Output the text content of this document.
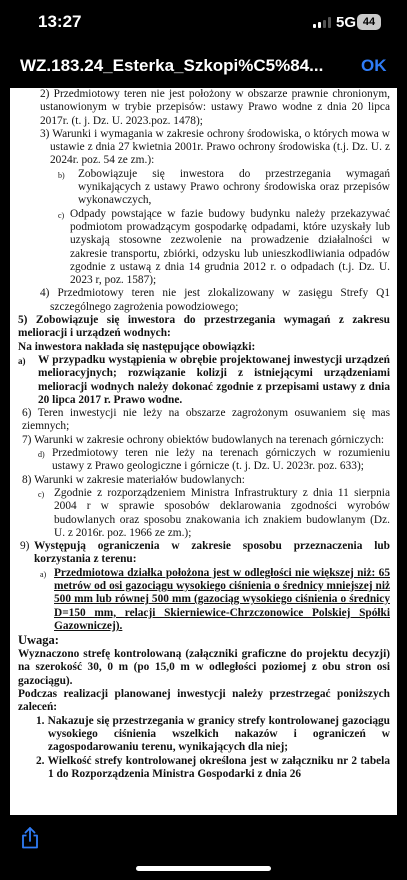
13:27	5G 44
WZ.183.24_Esterka_Szkopi%C5%84...	OK
2) Przedmiotowy teren nie jest położony w obszarze prawnie chronionym, ustanowionym w trybie przepisów: ustawy Prawo wodne z dnia 20 lipca 2017r. (t. j. Dz. U. 2023.poz. 1478);
3) Warunki i wymagania w zakresie ochrony środowiska, o których mowa w ustawie z dnia 27 kwietnia 2001r. Prawo ochrony środowiska (t.j. Dz. U. z 2024r. poz. 54 ze zm.):
b) Zobowiązuje się inwestora do przestrzegania wymagań wynikających z ustawy Prawo ochrony środowiska oraz przepisów wykonawczych,
c) Odpady powstające w fazie budowy budynku należy przekazywać podmiotom prowadzącym gospodarkę odpadami, które uzyskały lub uzyskają stosowne zezwolenie na prowadzenie działalności w zakresie transportu, zbiórki, odzysku lub unieszkodliwiania odpadów zgodnie z ustawą z dnia 14 grudnia 2012 r. o odpadach (t.j. Dz. U. 2023 r, poz. 1587);
4) Przedmiotowy teren nie jest zlokalizowany w zasięgu Strefy Q1 szczególnego zagrożenia powodziowego;
5) Zobowiązuje się inwestora do przestrzegania wymagań z zakresu melioracji i urządzeń wodnych:
Na inwestora nakłada się następujące obowiązki:
a) W przypadku wystąpienia w obrębie projektowanej inwestycji urządzeń melioracyjnych; rozwiązanie kolizji z istniejącymi urządzeniami melioracji wodnych należy dokonać zgodnie z przepisami ustawy z dnia 20 lipca 2017 r. Prawo wodne.
6) Teren inwestycji nie leży na obszarze zagrożonym osuwaniem się mas ziemnych;
7) Warunki w zakresie ochrony obiektów budowlanych na terenach górniczych:
d) Przedmiotowy teren nie leży na terenach górniczych w rozumieniu ustawy z Prawo geologiczne i górnicze (t. j. Dz. U. 2023r. poz. 633);
8) Warunki w zakresie materiałów budowlanych:
c) Zgodnie z rozporządzeniem Ministra Infrastruktury z dnia 11 sierpnia 2004 r w sprawie sposobów deklarowania zgodności wyrobów budowlanych oraz sposobu znakowania ich znakiem budowlanym (Dz. U. z 2016r. poz. 1966 ze zm.);
9) Występują ograniczenia w zakresie sposobu przeznaczenia lub korzystania z terenu:
a) Przedmiotowa działka położona jest w odległości nie większej niż: 65 metrów od osi gazociągu wysokiego ciśnienia o średnicy mniejszej niż 500 mm lub równej 500 mm (gazociąg wysokiego ciśnienia o średnicy D=150 mm, relacji Skierniewice-Chrzczonowice Polskiej Spółki Gazowniczej).
Uwaga:
Wyznaczono strefę kontrolowaną (załączniki graficzne do projektu decyzji) na szerokość 30, 0 m (po 15,0 m w odległości poziomej z obu stron osi gazociągu).
Podczas realizacji planowanej inwestycji należy przestrzegać poniższych zaleceń:
1. Nakazuje się przestrzegania w granicy strefy kontrolowanej gazociągu wysokiego ciśnienia wszelkich nakazów i ograniczeń w zagospodarowaniu terenu, wynikających dla niej;
2. Wielkość strefy kontrolowanej określona jest w załączniku nr 2 tabela 1 do Rozporządzenia Ministra Gospodarki z dnia 26
